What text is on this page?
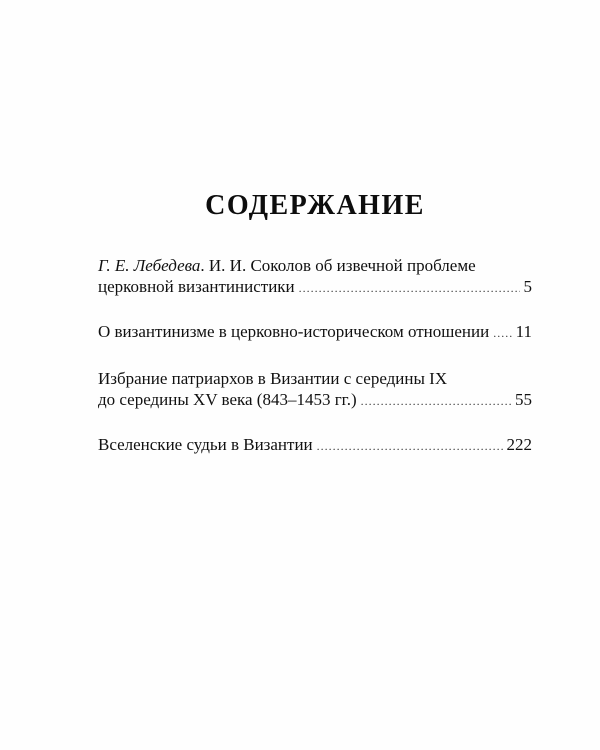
СОДЕРЖАНИЕ
Г. Е. Лебедева. И. И. Соколов об извечной проблеме
церковной византинистики . . .	5
О византинизме в церковно-историческом отношении . . . 11
Избрание патриархов в Византии с середины IX
до середины XV века (843–1453 гг.) . . .	55
Вселенские судьи в Византии . . .	222
